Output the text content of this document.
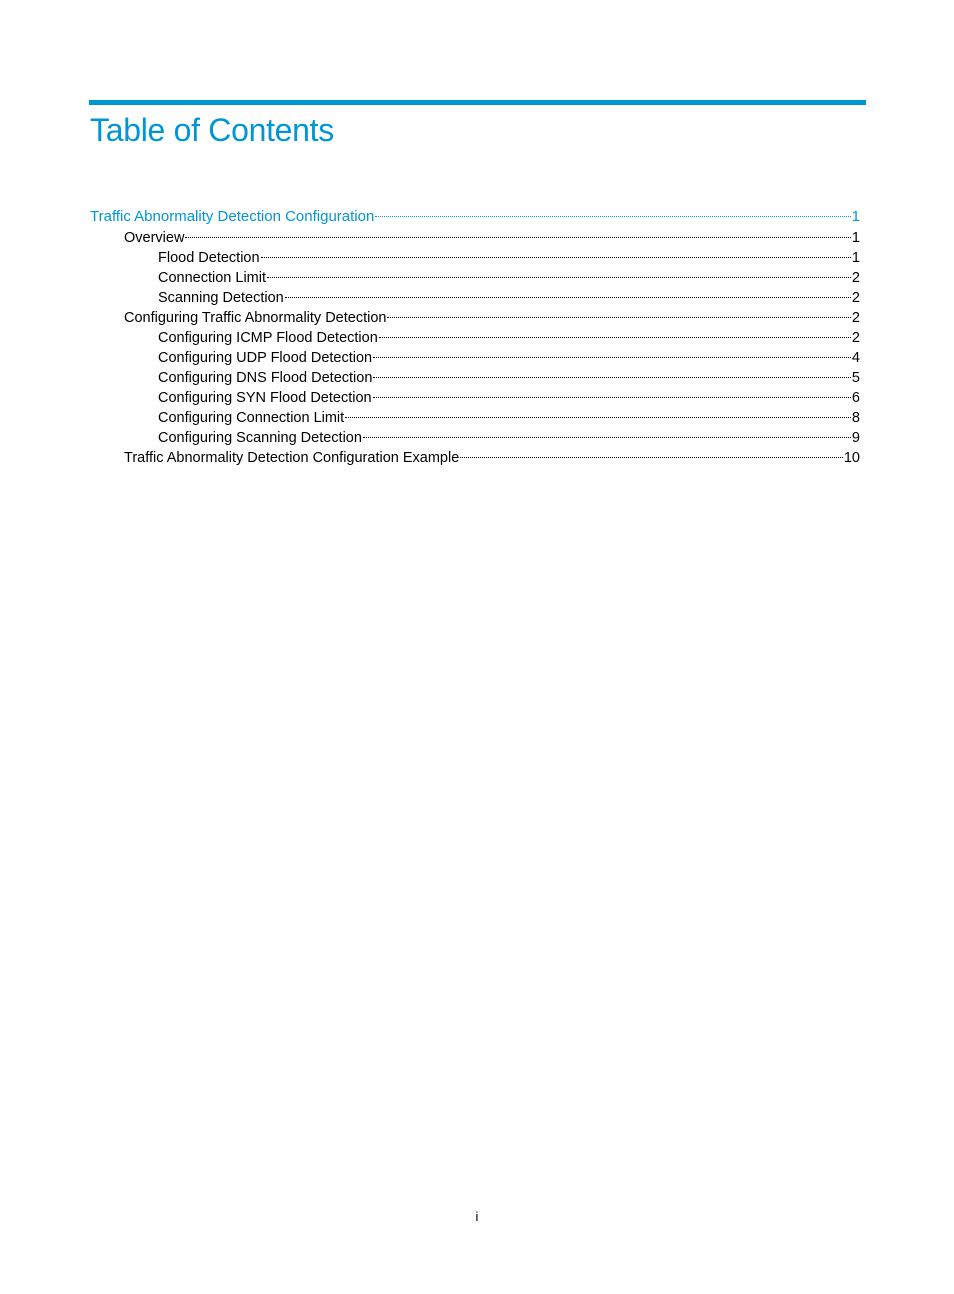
Table of Contents
Traffic Abnormality Detection Configuration	1
Overview	1
Flood Detection	1
Connection Limit	2
Scanning Detection	2
Configuring Traffic Abnormality Detection	2
Configuring ICMP Flood Detection	2
Configuring UDP Flood Detection	4
Configuring DNS Flood Detection	5
Configuring SYN Flood Detection	6
Configuring Connection Limit	8
Configuring Scanning Detection	9
Traffic Abnormality Detection Configuration Example	10
i
